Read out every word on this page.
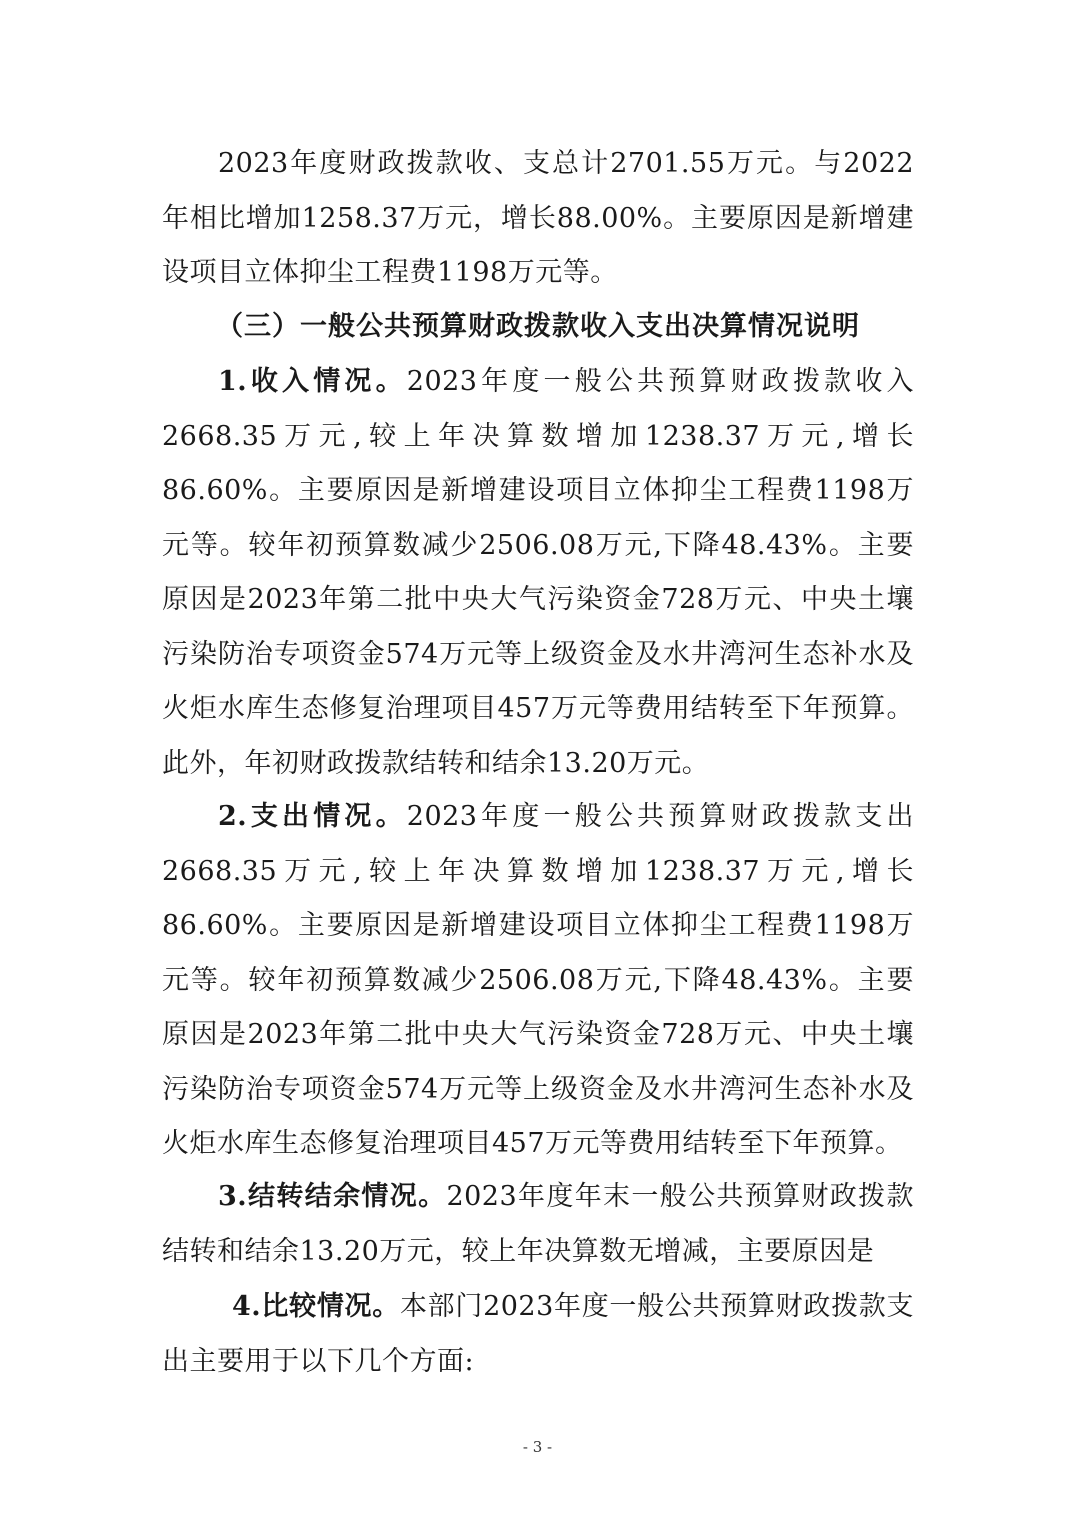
2023年度财政拨款收、支总计2701.55万元。与2022年相比增加1258.37万元，增长88.00%。主要原因是新增建设项目立体抑尘工程费1198万元等。

（三）一般公共预算财政拨款收入支出决算情况说明

1.收入情况。2023年度一般公共预算财政拨款收入2668.35万元,较上年决算数增加1238.37万元,增长86.60%。主要原因是新增建设项目立体抑尘工程费1198万元等。较年初预算数减少2506.08万元,下降48.43%。主要原因是2023年第二批中央大气污染资金728万元、中央土壤污染防治专项资金574万元等上级资金及水井湾河生态补水及火炬水库生态修复治理项目457万元等费用结转至下年预算。此外，年初财政拨款结转和结余13.20万元。

2.支出情况。2023年度一般公共预算财政拨款支出2668.35万元,较上年决算数增加1238.37万元,增长86.60%。主要原因是新增建设项目立体抑尘工程费1198万元等。较年初预算数减少2506.08万元,下降48.43%。主要原因是2023年第二批中央大气污染资金728万元、中央土壤污染防治专项资金574万元等上级资金及水井湾河生态补水及火炬水库生态修复治理项目457万元等费用结转至下年预算。

3.结转结余情况。2023年度年末一般公共预算财政拨款结转和结余13.20万元，较上年决算数无增减，主要原因是

4.比较情况。本部门2023年度一般公共预算财政拨款支出主要用于以下几个方面:

- 3 -
